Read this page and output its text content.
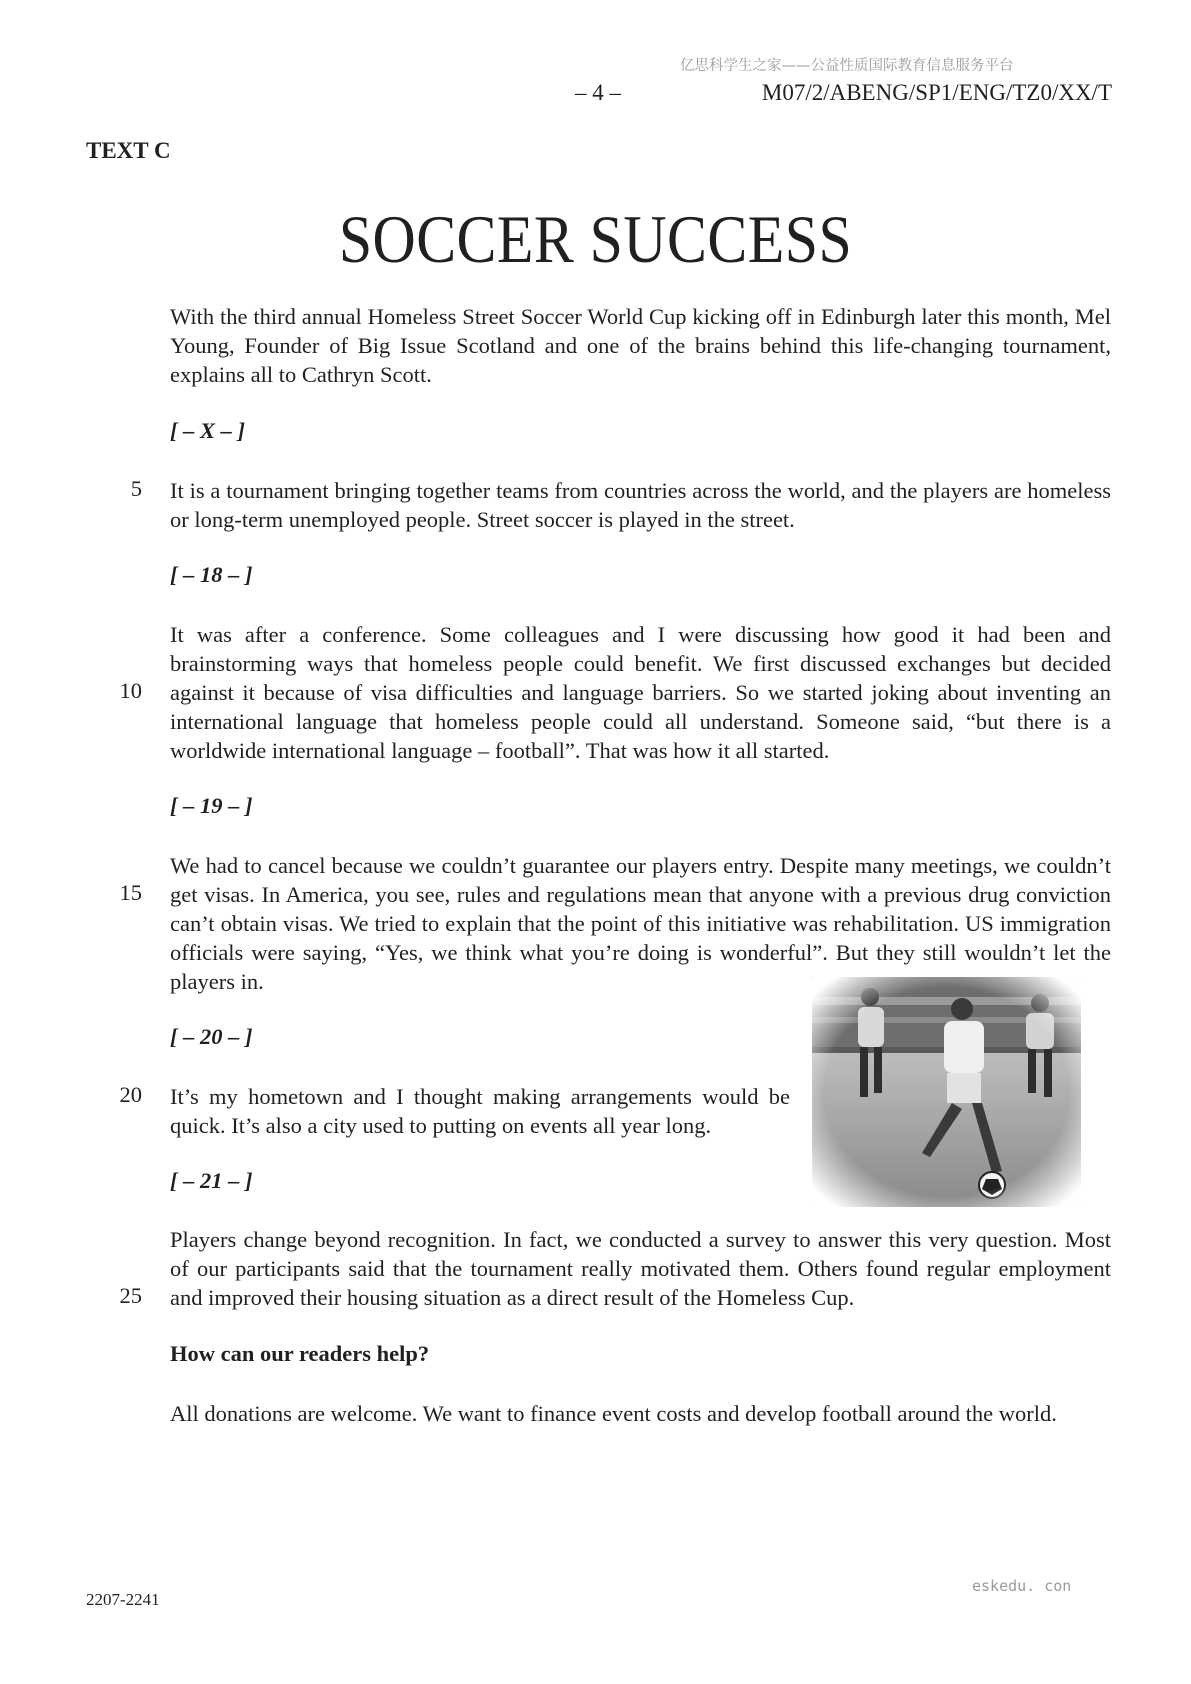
亿思科学生之家——公益性质国际教育信息服务平台
– 4 –	M07/2/ABENG/SP1/ENG/TZ0/XX/T
TEXT C
SOCCER SUCCESS
With the third annual Homeless Street Soccer World Cup kicking off in Edinburgh later this month, Mel Young, Founder of Big Issue Scotland and one of the brains behind this life-changing tournament, explains all to Cathryn Scott.
[ – X – ]
5 It is a tournament bringing together teams from countries across the world, and the players are homeless or long-term unemployed people. Street soccer is played in the street.
[ – 18 – ]
It was after a conference. Some colleagues and I were discussing how good it had been and brainstorming ways that homeless people could benefit. We first discussed exchanges but decided against it because of visa difficulties and language barriers. So we started joking about inventing an international language that homeless people could all understand. Someone said, “but there is a worldwide international language – football”. That was how it all started.
10
[ – 19 – ]
We had to cancel because we couldn’t guarantee our players entry. Despite many meetings, we couldn’t get visas. In America, you see, rules and regulations mean that anyone with a previous drug conviction can’t obtain visas. We tried to explain that the point of this initiative was rehabilitation. US immigration officials were saying, “Yes, we think what you’re doing is wonderful”. But they still wouldn’t let the players in.
15
[ – 20 – ]
20 It’s my hometown and I thought making arrangements would be quick. It’s also a city used to putting on events all year long.
[ – 21 – ]
Players change beyond recognition. In fact, we conducted a survey to answer this very question. Most of our participants said that the tournament really motivated them. Others found regular employment and improved their housing situation as a direct result of the Homeless Cup.
25
How can our readers help?
All donations are welcome. We want to finance event costs and develop football around the world.
2207-2241
eskedu. con
